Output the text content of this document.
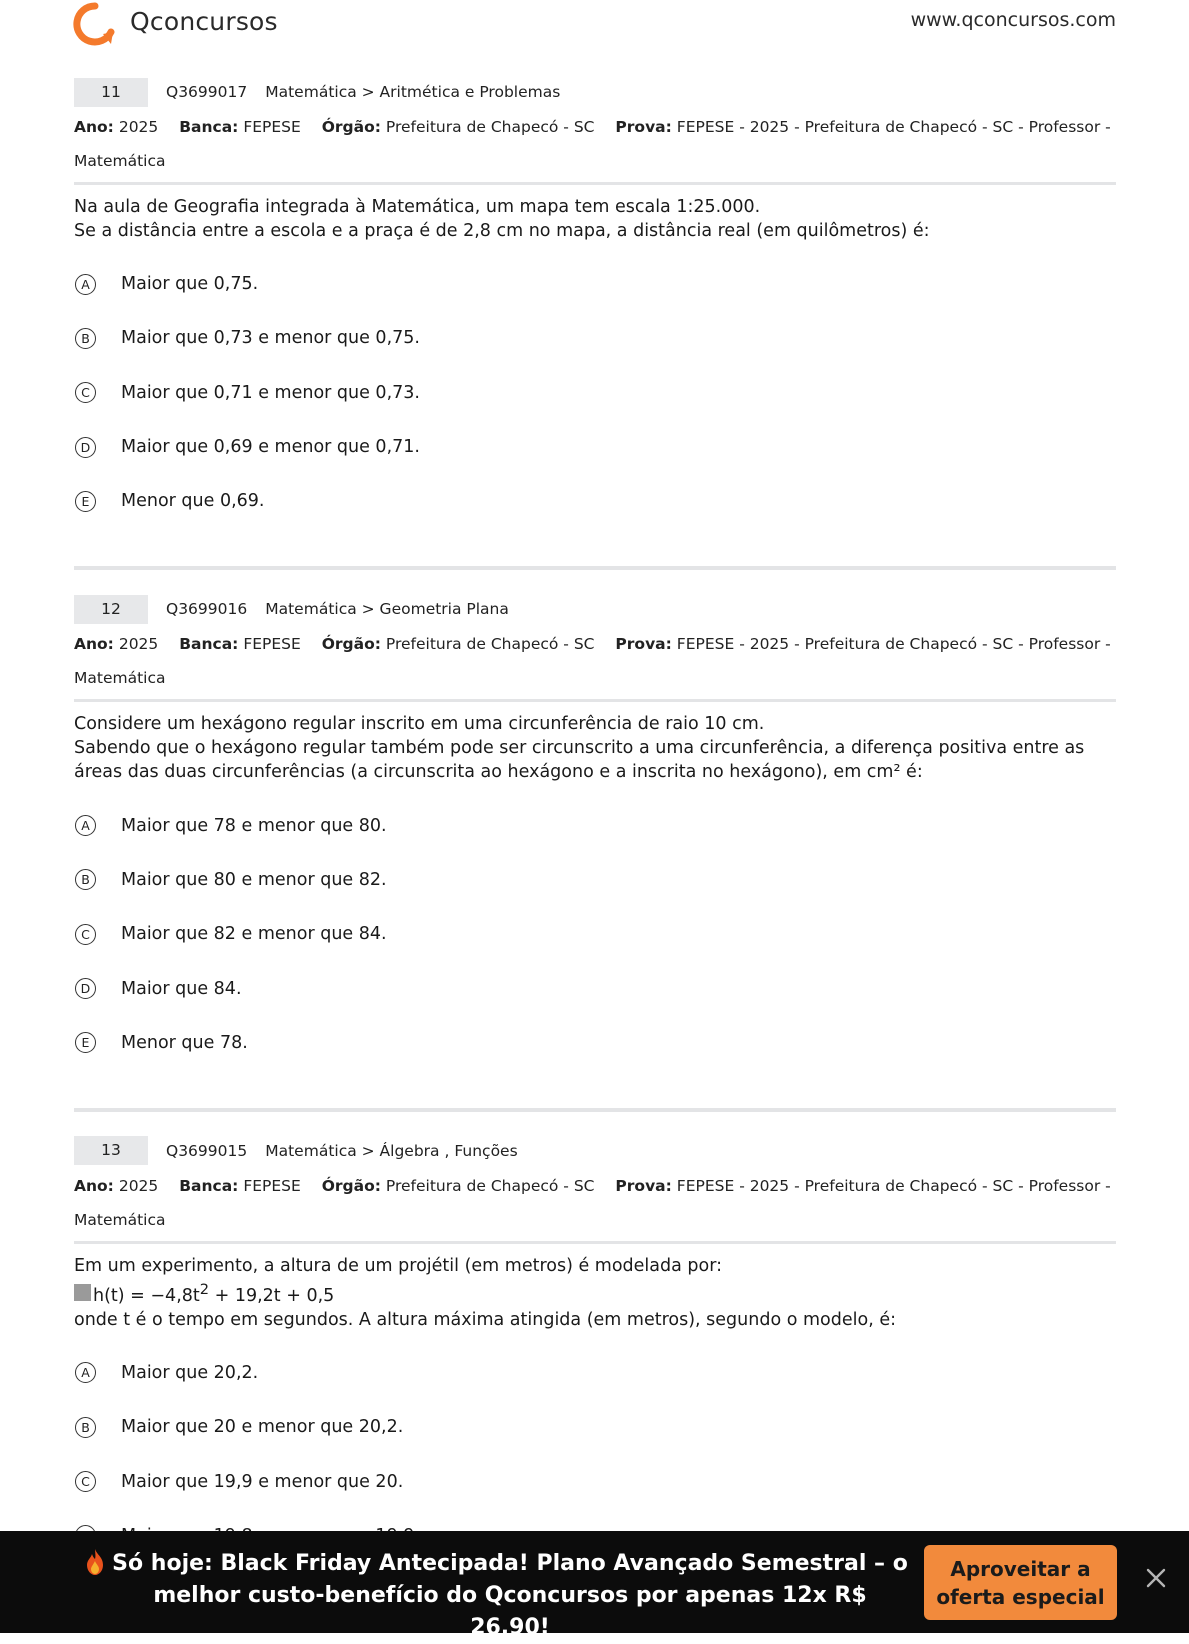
Qconcursos	www.qconcursos.com
11	Q3699017 Matemática > Aritmética e Problemas
Ano: 2025 Banca: FEPESE Órgão: Prefeitura de Chapecó - SC Prova: FEPESE - 2025 - Prefeitura de Chapecó - SC - Professor - Matemática
Na aula de Geografia integrada à Matemática, um mapa tem escala 1:25.000.
Se a distância entre a escola e a praça é de 2,8 cm no mapa, a distância real (em quilômetros) é:
A	Maior que 0,75.
B	Maior que 0,73 e menor que 0,75.
C	Maior que 0,71 e menor que 0,73.
D	Maior que 0,69 e menor que 0,71.
E	Menor que 0,69.
12	Q3699016 Matemática > Geometria Plana
Ano: 2025 Banca: FEPESE Órgão: Prefeitura de Chapecó - SC Prova: FEPESE - 2025 - Prefeitura de Chapecó - SC - Professor - Matemática
Considere um hexágono regular inscrito em uma circunferência de raio 10 cm.
Sabendo que o hexágono regular também pode ser circunscrito a uma circunferência, a diferença positiva entre as áreas das duas circunferências (a circunscrita ao hexágono e a inscrita no hexágono), em cm² é:
A	Maior que 78 e menor que 80.
B	Maior que 80 e menor que 82.
C	Maior que 82 e menor que 84.
D	Maior que 84.
E	Menor que 78.
13	Q3699015 Matemática > Álgebra , Funções
Ano: 2025 Banca: FEPESE Órgão: Prefeitura de Chapecó - SC Prova: FEPESE - 2025 - Prefeitura de Chapecó - SC - Professor - Matemática
Em um experimento, a altura de um projétil (em metros) é modelada por:
$h(t) = -4,8t^2 + 19,2t + 0,5$
onde t é o tempo em segundos. A altura máxima atingida (em metros), segundo o modelo, é:
A	Maior que 20,2.
B	Maior que 20 e menor que 20,2.
C	Maior que 19,9 e menor que 20.
Só hoje: Black Friday Antecipada! Plano Avançado Semestral – o melhor custo-benefício do Qconcursos por apenas 12x R$ 26,90!
Aproveitar a oferta especial
